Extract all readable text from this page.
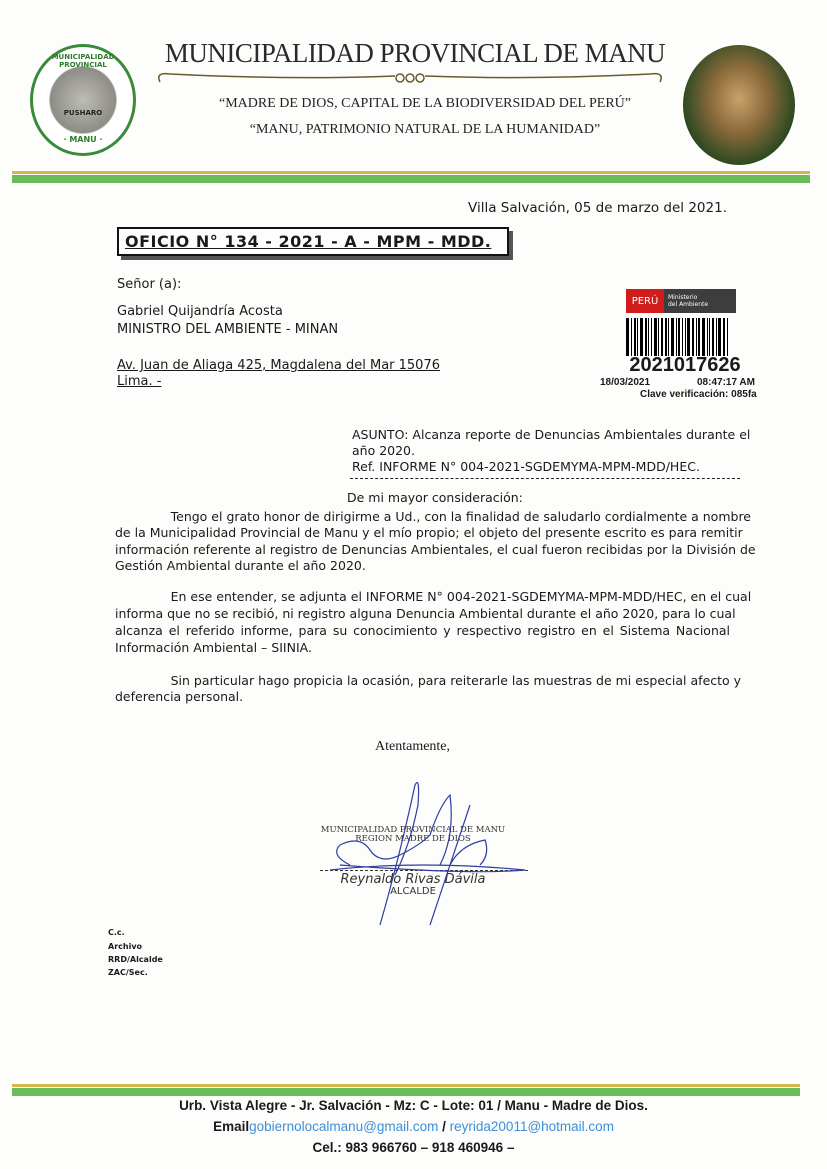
MUNICIPALIDAD PROVINCIAL
PUSHARO
· MANU ·
MUNICIPALIDAD PROVINCIAL DE MANU
“MADRE DE DIOS, CAPITAL DE LA BIODIVERSIDAD DEL PERÚ”
“MANU, PATRIMONIO NATURAL DE LA HUMANIDAD”
Villa Salvación, 05 de marzo del 2021.
OFICIO N° 134 - 2021 - A - MPM - MDD.
Señor (a):
Gabriel Quijandría Acosta
MINISTRO DEL AMBIENTE - MINAN
Av. Juan de Aliaga 425, Magdalena del Mar 15076
Lima. -
PERÚ	Ministerio
del Ambiente
2021017626
18/03/2021	08:47:17 AM
Clave verificación: 085fa
ASUNTO: Alcanza reporte de Denuncias Ambientales durante el
año 2020.
Ref. INFORME N° 004-2021-SGDEMYMA-MPM-MDD/HEC.
De mi mayor consideración:
Tengo el grato honor de dirigirme a Ud., con la finalidad de saludarlo cordialmente a nombre
de la Municipalidad Provincial de Manu y el mío propio; el objeto del presente escrito es para remitir
información referente al registro de Denuncias Ambientales, el cual fueron recibidas por la División de
Gestión Ambiental durante el año 2020.
En ese entender, se adjunta el INFORME N° 004-2021-SGDEMYMA-MPM-MDD/HEC, en el cual
informa que no se recibió, ni registro alguna Denuncia Ambiental durante el año 2020, para lo cual
alcanza el referido informe, para su conocimiento y respectivo registro en el Sistema Nacional
Información Ambiental – SIINIA.
Sin particular hago propicia la ocasión, para reiterarle las muestras de mi especial afecto y
deferencia personal.
Atentamente,
MUNICIPALIDAD PROVINCIAL DE MANU
REGION MADRE DE DIOS
Reynaldo Rivas Dávila
ALCALDE
C.c.
Archivo
RRD/Alcalde
ZAC/Sec.
Urb. Vista Alegre - Jr. Salvación - Mz: C - Lote: 01 / Manu - Madre de Dios.
Emailgobiernolocalmanu@gmail.com / reyrida20011@hotmail.com
Cel.: 983 966760 – 918 460946 –
